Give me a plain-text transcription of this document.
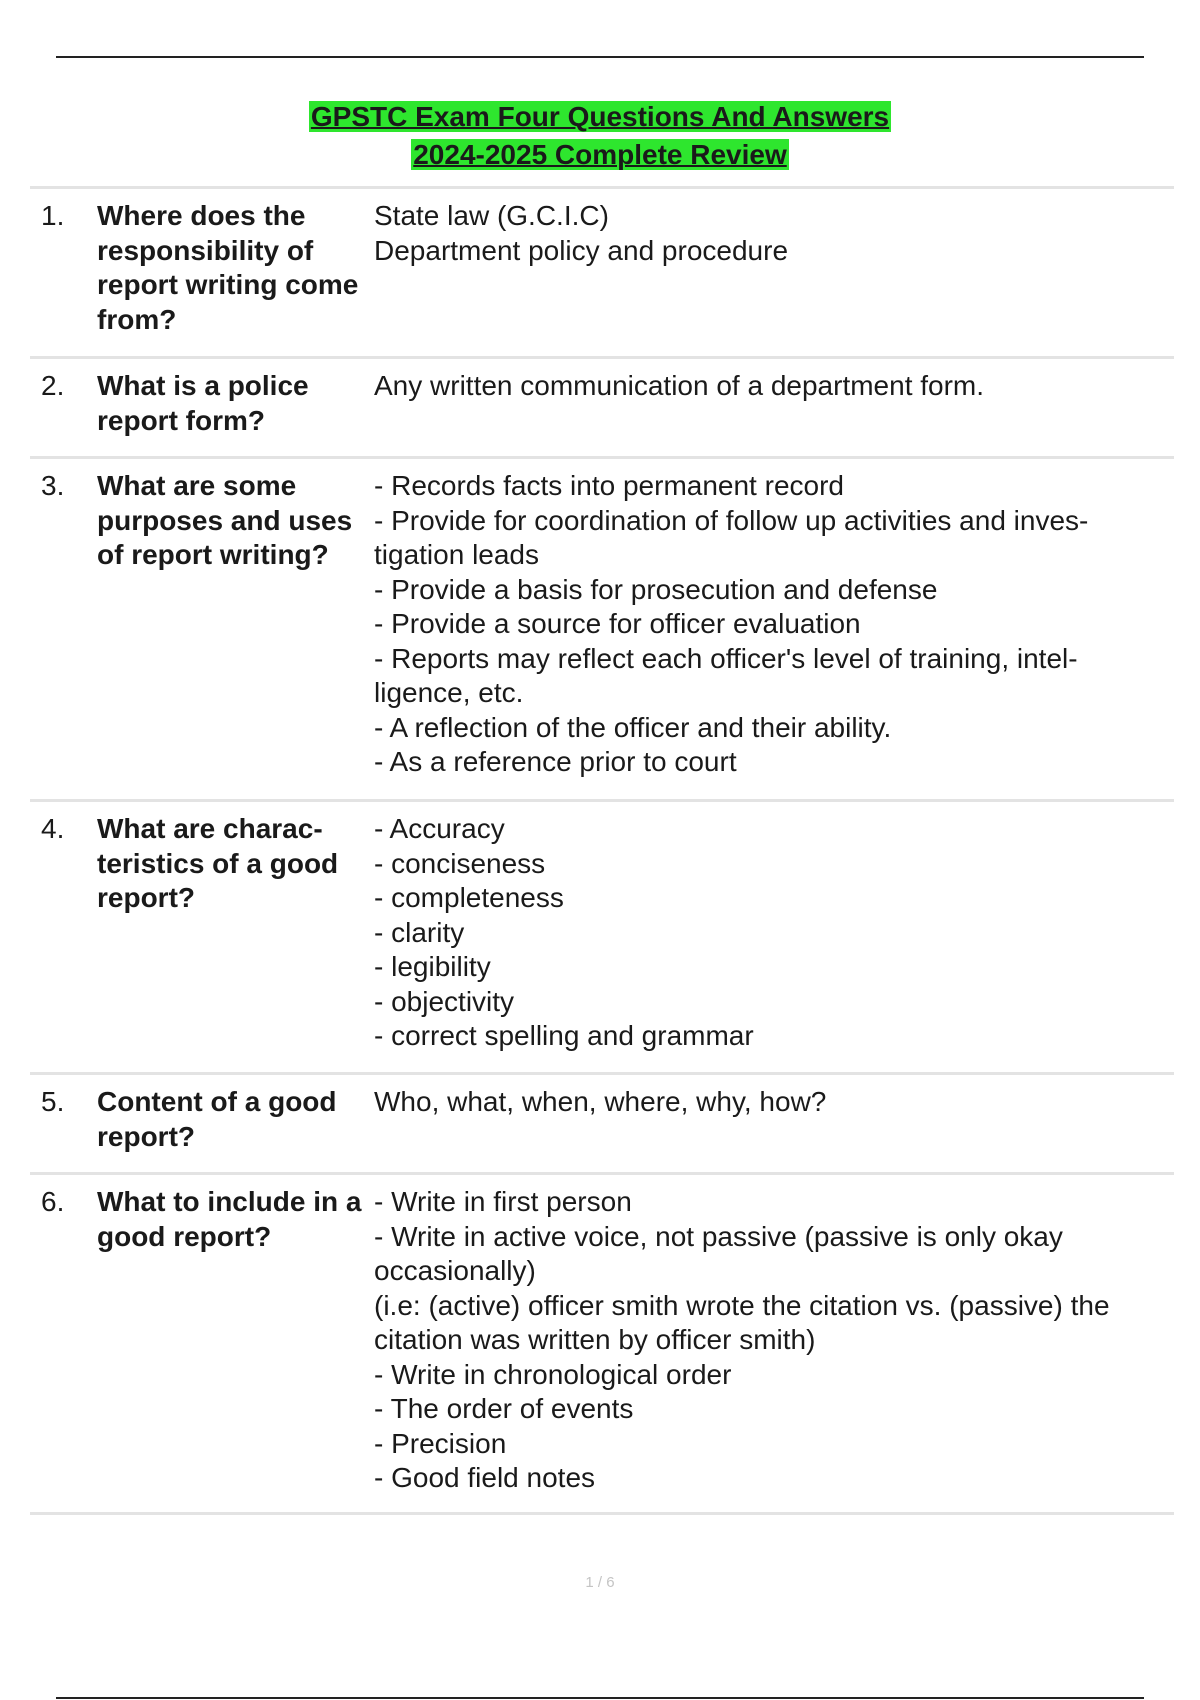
GPSTC Exam Four Questions And Answers
2024-2025 Complete Review
1.	Where does the responsibility of report writing come from?
State law (G.C.I.C)
Department policy and procedure
2.	What is a police report form?
Any written communication of a department form.
3.	What are some purposes and uses of report writing?
- Records facts into permanent record
- Provide for coordination of follow up activities and inves-tigation leads
- Provide a basis for prosecution and defense
- Provide a source for officer evaluation
- Reports may reflect each officer's level of training, intel-ligence, etc.
- A reflection of the officer and their ability.
- As a reference prior to court
4.	What are charac-teristics of a good report?
- Accuracy
- conciseness
- completeness
- clarity
- legibility
- objectivity
- correct spelling and grammar
5.	Content of a good report?
Who, what, when, where, why, how?
6.	What to include in a good report?
- Write in first person
- Write in active voice, not passive (passive is only okay occasionally)
(i.e: (active) officer smith wrote the citation vs. (passive) the citation was written by officer smith)
- Write in chronological order
- The order of events
- Precision
- Good field notes
1 / 6
